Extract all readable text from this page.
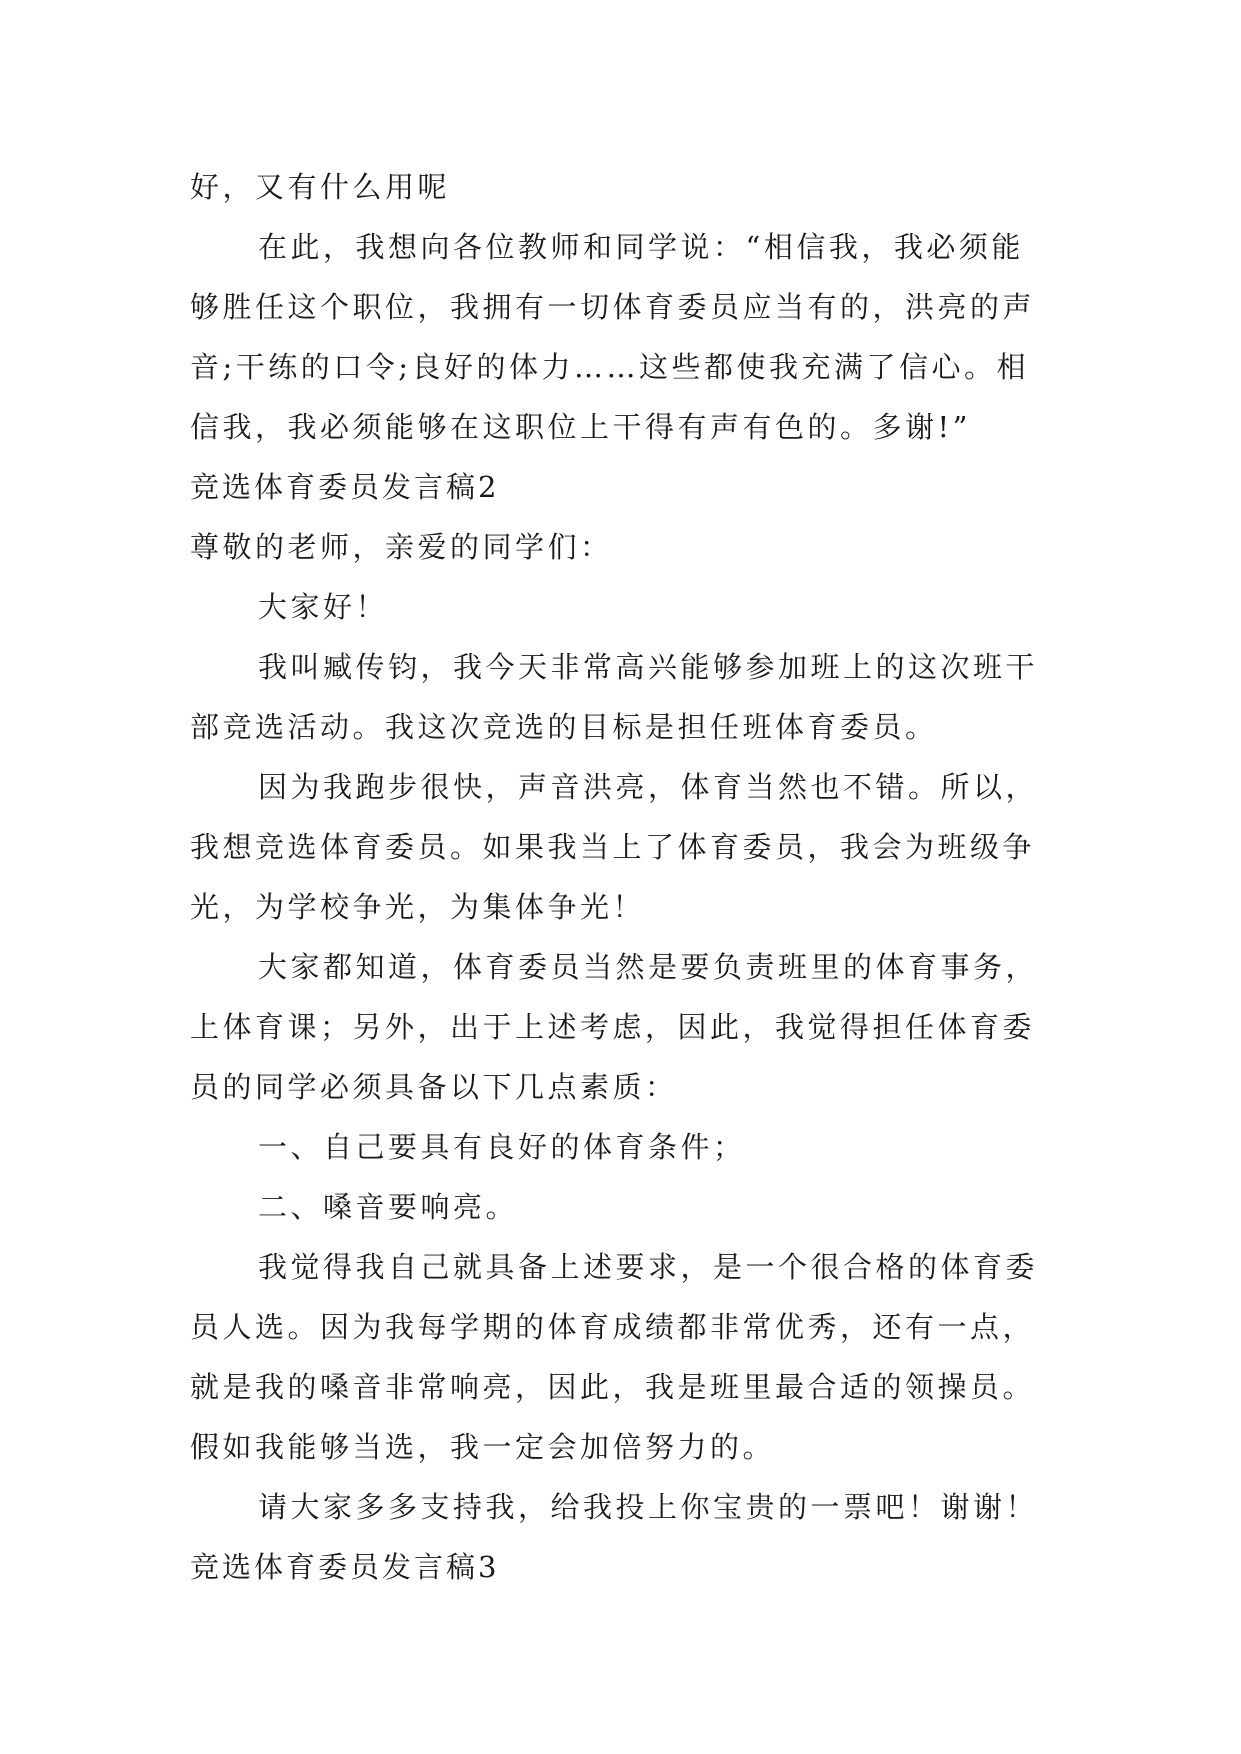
好，又有什么用呢
在此，我想向各位教师和同学说：“相信我，我必须能
够胜任这个职位，我拥有一切体育委员应当有的，洪亮的声
音;干练的口令;良好的体力……这些都使我充满了信心。相
信我，我必须能够在这职位上干得有声有色的。多谢!”
竞选体育委员发言稿2
尊敬的老师，亲爱的同学们：
大家好！
我叫臧传钧，我今天非常高兴能够参加班上的这次班干
部竞选活动。我这次竞选的目标是担任班体育委员。
因为我跑步很快，声音洪亮，体育当然也不错。所以，
我想竞选体育委员。如果我当上了体育委员，我会为班级争
光，为学校争光，为集体争光！
大家都知道，体育委员当然是要负责班里的体育事务，
上体育课；另外，出于上述考虑，因此，我觉得担任体育委
员的同学必须具备以下几点素质：
一、自己要具有良好的体育条件；
二、嗓音要响亮。
我觉得我自己就具备上述要求，是一个很合格的体育委
员人选。因为我每学期的体育成绩都非常优秀，还有一点，
就是我的嗓音非常响亮，因此，我是班里最合适的领操员。
假如我能够当选，我一定会加倍努力的。
请大家多多支持我，给我投上你宝贵的一票吧！谢谢！
竞选体育委员发言稿3
